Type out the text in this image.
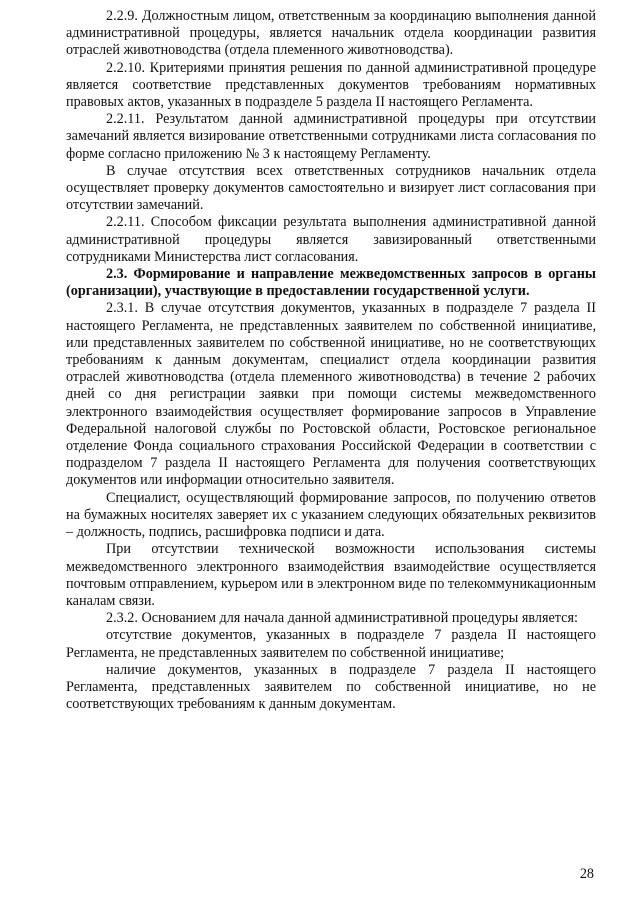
2.2.9. Должностным лицом, ответственным за координацию выполнения данной административной процедуры, является начальник отдела координации развития отраслей животноводства (отдела племенного животноводства).

2.2.10. Критериями принятия решения по данной административной процедуре является соответствие представленных документов требованиям нормативных правовых актов, указанных в подразделе 5 раздела II настоящего Регламента.

2.2.11. Результатом данной административной процедуры при отсутствии замечаний является визирование ответственными сотрудниками листа согласования по форме согласно приложению № 3 к настоящему Регламенту.

В случае отсутствия всех ответственных сотрудников начальник отдела осуществляет проверку документов самостоятельно и визирует лист согласования при отсутствии замечаний.

2.2.11. Способом фиксации результата выполнения административной данной административной процедуры является завизированный ответственными сотрудниками Министерства лист согласования.

2.3. Формирование и направление межведомственных запросов в органы (организации), участвующие в предоставлении государственной услуги.

2.3.1. В случае отсутствия документов, указанных в подразделе 7 раздела II настоящего Регламента, не представленных заявителем по собственной инициативе, или представленных заявителем по собственной инициативе, но не соответствующих требованиям к данным документам, специалист отдела координации развития отраслей животноводства (отдела племенного животноводства) в течение 2 рабочих дней со дня регистрации заявки при помощи системы межведомственного электронного взаимодействия осуществляет формирование запросов в Управление Федеральной налоговой службы по Ростовской области, Ростовское региональное отделение Фонда социального страхования Российской Федерации в соответствии с подразделом 7 раздела II настоящего Регламента для получения соответствующих документов или информации относительно заявителя.

Специалист, осуществляющий формирование запросов, по получению ответов на бумажных носителях заверяет их с указанием следующих обязательных реквизитов – должность, подпись, расшифровка подписи и дата.

При отсутствии технической возможности использования системы межведомственного электронного взаимодействия взаимодействие осуществляется почтовым отправлением, курьером или в электронном виде по телекоммуникационным каналам связи.

2.3.2. Основанием для начала данной административной процедуры является:

отсутствие документов, указанных в подразделе 7 раздела II настоящего Регламента, не представленных заявителем по собственной инициативе;

наличие документов, указанных в подразделе 7 раздела II настоящего Регламента, представленных заявителем по собственной инициативе, но не соответствующих требованиям к данным документам.

28
